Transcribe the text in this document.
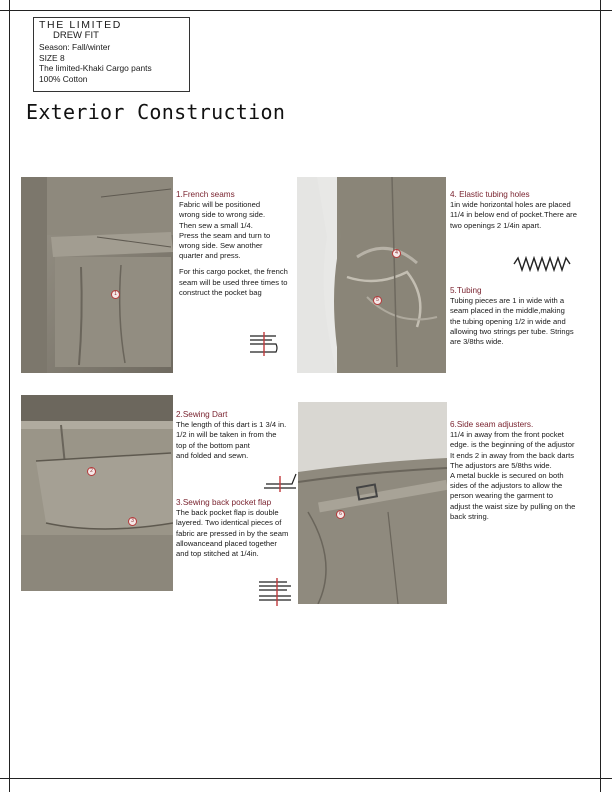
THE LIMITED
DREW FIT
Season: Fall/winter
SIZE 8
The limited-Khaki Cargo pants
100% Cotton
Exterior Construction
1
1.French seams
Fabric will be positioned
wrong side to wrong side.
Then sew a small 1/4.
Press the seam and turn to
wrong side. Sew another
quarter and press.
For this cargo pocket, the french
seam will be used three times to
construct the pocket bag
4
5
4. Elastic tubing holes
1in wide horizontal holes are placed
11/4 in below end of pocket.There are
two openings 2 1/4in apart.
5.Tubing
Tubing pieces are 1 in wide with a
seam placed in the middle,making
the tubing opening 1/2 in wide and
allowing two strings per tube. Strings
are 3/8ths wide.
2
3
2.Sewing Dart
The length of this dart is 1 3/4 in.
1/2 in will be taken in from the
top of the bottom pant
and folded and sewn.
3.Sewing back pocket flap
The back pocket flap is double
layered. Two identical pieces of
fabric are pressed in by the seam
allowanceand placed together
and top stitched at 1/4in.
6
6.Side seam adjusters.
11/4 in away from the front pocket
edge. is the beginning of the adjustor
It ends 2 in away from the back darts
The adjustors are 5/8ths wide.
A metal buckle is secured on both
sides of the adjustors to allow the
person wearing the garment to
adjust the waist size by pulling on the
back string.
